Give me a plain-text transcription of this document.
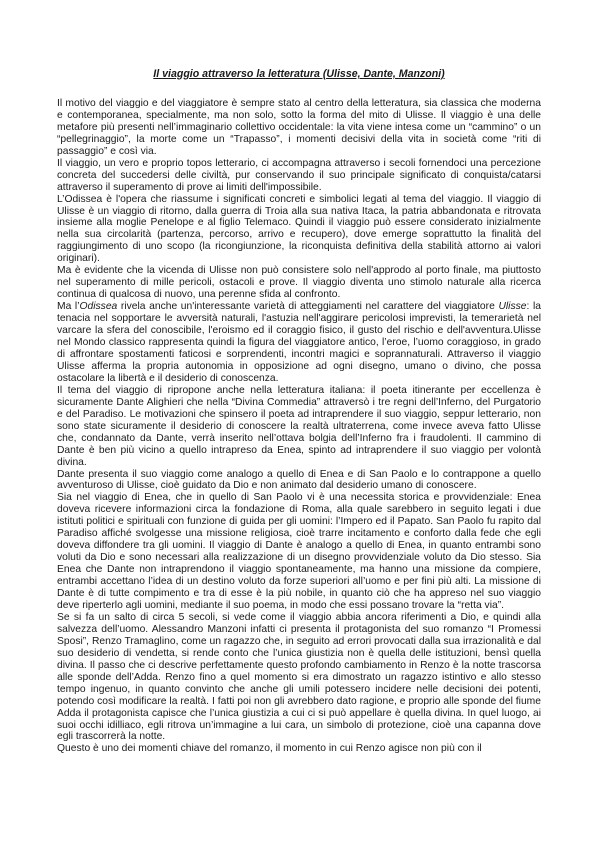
Il viaggio attraverso la letteratura (Ulisse, Dante, Manzoni)

Il motivo del viaggio e del viaggiatore è sempre stato al centro della letteratura, sia classica che moderna e contemporanea, specialmente, ma non solo, sotto la forma del mito di Ulisse. Il viaggio è una delle metafore più presenti nell’immaginario collettivo occidentale: la vita viene intesa come un “cammino” o un “pellegrinaggio”, la morte come un “Trapasso”, i momenti decisivi della vita in società come “riti di passaggio” e così via.

Il viaggio, un vero e proprio topos letterario, ci accompagna attraverso i secoli fornendoci una percezione concreta del succedersi delle civiltà, pur conservando il suo principale significato di conquista/catarsi attraverso il superamento di prove ai limiti dell'impossibile.

L’Odissea è l'opera che riassume i significati concreti e simbolici legati al tema del viaggio. Il viaggio di Ulisse è un viaggio di ritorno, dalla guerra di Troia alla sua nativa Itaca, la patria abbandonata e ritrovata insieme alla moglie Penelope e al figlio Telemaco. Quindi il viaggio può essere considerato inizialmente nella sua circolarità (partenza, percorso, arrivo e recupero), dove emerge soprattutto la finalità del raggiungimento di uno scopo (la ricongiunzione, la riconquista definitiva della stabilità attorno ai valori originari).

Ma è evidente che la vicenda di Ulisse non può consistere solo nell'approdo al porto finale, ma piuttosto nel superamento di mille pericoli, ostacoli e prove. Il viaggio diventa uno stimolo naturale alla ricerca continua di qualcosa di nuovo, una perenne sfida al confronto.

Ma l’Odissea rivela anche un'interessante varietà di atteggiamenti nel carattere del viaggiatore Ulisse: la tenacia nel sopportare le avversità naturali, l'astuzia nell'aggirare pericolosi imprevisti, la temerarietà nel varcare la sfera del conoscibile, l'eroismo ed il coraggio fisico, il gusto del rischio e dell'avventura.Ulisse nel Mondo classico rappresenta quindi la figura del viaggiatore antico, l’eroe, l’uomo coraggioso, in grado di affrontare spostamenti faticosi e sorprendenti, incontri magici e soprannaturali. Attraverso il viaggio Ulisse afferma la propria autonomia in opposizione ad ogni disegno, umano o divino, che possa ostacolare la libertà e il desiderio di conoscenza.

Il tema del viaggio di ripropone anche nella letteratura italiana: il poeta itinerante per eccellenza è sicuramente Dante Alighieri che nella “Divina Commedia” attraversò i tre regni dell’Inferno, del Purgatorio e del Paradiso. Le motivazioni che spinsero il poeta ad intraprendere il suo viaggio, seppur letterario, non sono state sicuramente il desiderio di conoscere la realtà ultraterrena, come invece aveva fatto Ulisse che, condannato da Dante, verrà inserito nell’ottava bolgia dell’Inferno fra i fraudolenti. Il cammino di Dante è ben più vicino a quello intrapreso da Enea, spinto ad intraprendere il suo viaggio per volontà divina.

Dante presenta il suo viaggio come analogo a quello di Enea e di San Paolo e lo contrappone a quello avventuroso di Ulisse, cioè guidato da Dio e non animato dal desiderio umano di conoscere.

Sia nel viaggio di Enea, che in quello di San Paolo vi è una necessita storica e provvidenziale: Enea doveva ricevere informazioni circa la fondazione di Roma, alla quale sarebbero in seguito legati i due istituti politici e spirituali con funzione di guida per gli uomini: l’Impero ed il Papato. San Paolo fu rapito dal Paradiso affiché svolgesse una missione religiosa, cioè trarre incitamento e conforto dalla fede che egli doveva diffondere tra gli uomini. Il viaggio di Dante è analogo a quello di Enea, in quanto entrambi sono voluti da Dio e sono necessari alla realizzazione di un disegno provvidenziale voluto da Dio stesso. Sia Enea che Dante non intraprendono il viaggio spontaneamente, ma hanno una missione da compiere, entrambi accettano l’idea di un destino voluto da forze superiori all’uomo e per fini più alti. La missione di Dante è di tutte compimento e tra di esse è la più nobile, in quanto ciò che ha appreso nel suo viaggio deve riperterlo agli uomini, mediante il suo poema, in modo che essi possano trovare la “retta via”.

Se si fa un salto di circa 5 secoli, si vede come il viaggio abbia ancora riferimenti a Dio, e quindi alla salvezza dell’uomo. Alessandro Manzoni infatti ci presenta il protagonista del suo romanzo “I Promessi Sposi”, Renzo Tramaglino, come un ragazzo che, in seguito ad errori provocati dalla sua irrazionalità e dal suo desiderio di vendetta, si rende conto che l’unica giustizia non è quella delle istituzioni, bensì quella divina. Il passo che ci descrive perfettamente questo profondo cambiamento in Renzo è la notte trascorsa alle sponde dell’Adda. Renzo fino a quel momento si era dimostrato un ragazzo istintivo e allo stesso tempo ingenuo, in quanto convinto che anche gli umili potessero incidere nelle decisioni dei potenti, potendo così modificare la realtà. I fatti poi non gli avrebbero dato ragione, e proprio alle sponde del fiume Adda il protagonista capisce che l’unica giustizia a cui ci si può appellare è quella divina. In quel luogo, ai suoi occhi idilliaco, egli ritrova un’immagine a lui cara, un simbolo di protezione, cioè una capanna dove egli trascorrerà la notte.

Questo è uno dei momenti chiave del romanzo, il momento in cui Renzo agisce non più con il
